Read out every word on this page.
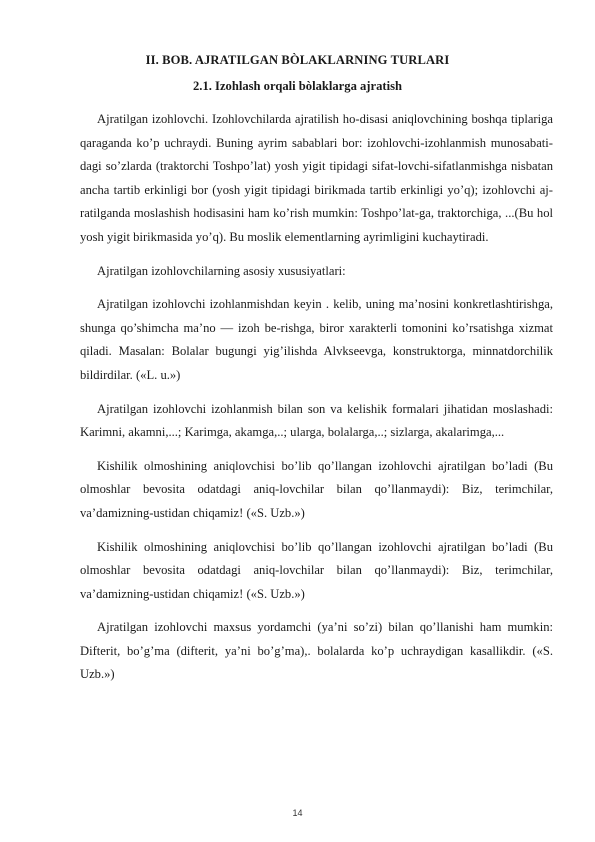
II. BOB. AJRATILGAN BÒLAKLARNING TURLARI
2.1. Izohlash orqali bòlaklarga ajratish

Ajratilgan izohlovchi. Izohlovchilarda ajratilish ho-disasi aniqlovchining boshqa tiplariga qaraganda ko’p uchraydi. Buning ayrim sabablari bor: izohlovchi-izohlanmish munosabati-dagi so’zlarda (traktorchi Toshpo’lat) yosh yigit tipidagi sifat-lovchi-sifatlanmishga nisbatan ancha tartib erkinligi bor (yosh yigit tipidagi birikmada tartib erkinligi yo’q); izohlovchi aj-ratilganda moslashish hodisasini ham ko’rish mumkin: Toshpo’lat-ga, traktorchiga, ...(Bu hol yosh yigit birikmasida yo’q). Bu moslik elementlarning ayrimligini kuchaytiradi.

Ajratilgan izohlovchilarning asosiy xususiyatlari:

Ajratilgan izohlovchi izohlanmishdan keyin . kelib, uning ma’nosini konkretlashtirishga, shunga qo’shimcha ma’no — izoh be-rishga, biror xarakterli tomonini ko’rsatishga xizmat qiladi. Masalan: Bolalar bugungi yig’ilishda Alvkseevga, konstruktorga, minnatdorchilik bildirdilar. («L. u.»)

Ajratilgan izohlovchi izohlanmish bilan son va kelishik formalari jihatidan moslashadi: Karimni, akamni,...; Karimga, akamga,..; ularga, bolalarga,..; sizlarga, akalarimga,...

Kishilik olmoshining aniqlovchisi bo’lib qo’llangan izohlovchi ajratilgan bo’ladi (Bu olmoshlar bevosita odatdagi aniq-lovchilar bilan qo’llanmaydi): Biz, terimchilar, va’damizning-ustidan chiqamiz! («S. Uzb.»)

Kishilik olmoshining aniqlovchisi bo’lib qo’llangan izohlovchi ajratilgan bo’ladi (Bu olmoshlar bevosita odatdagi aniq-lovchilar bilan qo’llanmaydi): Biz, terimchilar, va’damizning-ustidan chiqamiz! («S. Uzb.»)

Ajratilgan izohlovchi maxsus yordamchi (ya’ni so’zi) bilan qo’llanishi ham mumkin: Difterit, bo’g’ma (difterit, ya’ni bo’g’ma),. bolalarda ko’p uchraydigan kasallikdir. («S. Uzb.»)

14
